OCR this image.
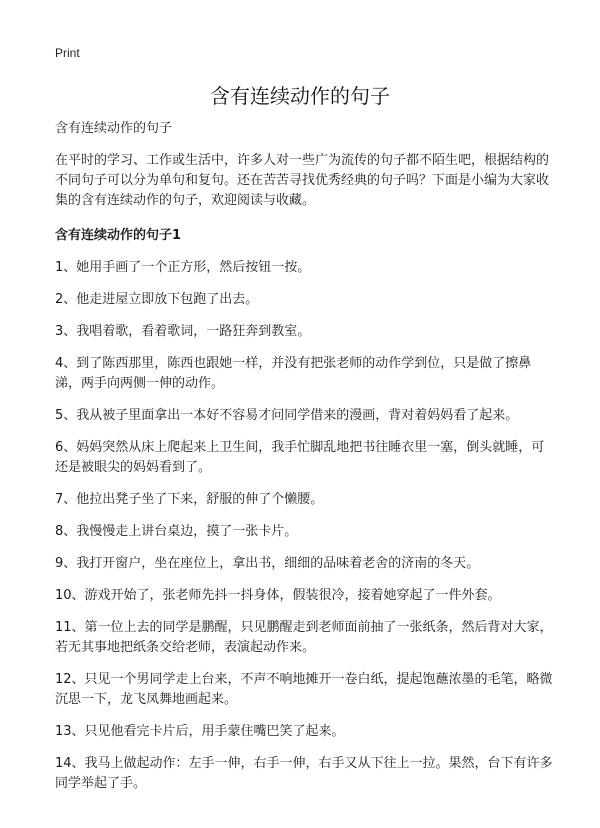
Print
含有连续动作的句子

含有连续动作的句子

在平时的学习、工作或生活中，许多人对一些广为流传的句子都不陌生吧，根据结构的不同句子可以分为单句和复句。还在苦苦寻找优秀经典的句子吗？下面是小编为大家收集的含有连续动作的句子，欢迎阅读与收藏。

含有连续动作的句子1

1、她用手画了一个正方形，然后按钮一按。

2、他走进屋立即放下包跑了出去。

3、我唱着歌，看着歌词，一路狂奔到教室。

4、到了陈西那里，陈西也跟她一样，并没有把张老师的动作学到位，只是做了擦鼻涕，两手向两侧一伸的动作。

5、我从被子里面拿出一本好不容易才问同学借来的漫画，背对着妈妈看了起来。

6、妈妈突然从床上爬起来上卫生间，我手忙脚乱地把书往睡衣里一塞，倒头就睡，可还是被眼尖的妈妈看到了。

7、他拉出凳子坐了下来，舒服的伸了个懒腰。

8、我慢慢走上讲台桌边，摸了一张卡片。

9、我打开窗户，坐在座位上，拿出书，细细的品味着老舍的济南的冬天。

10、游戏开始了，张老师先抖一抖身体，假装很冷，接着她穿起了一件外套。

11、第一位上去的同学是鹏醒，只见鹏醒走到老师面前抽了一张纸条，然后背对大家，若无其事地把纸条交给老师，表演起动作来。

12、只见一个男同学走上台来，不声不响地摊开一卷白纸，提起饱蘸浓墨的毛笔，略微沉思一下，龙飞凤舞地画起来。

13、只见他看完卡片后，用手蒙住嘴巴笑了起来。

14、我马上做起动作：左手一伸，右手一伸，右手又从下往上一拉。果然，台下有许多同学举起了手。
